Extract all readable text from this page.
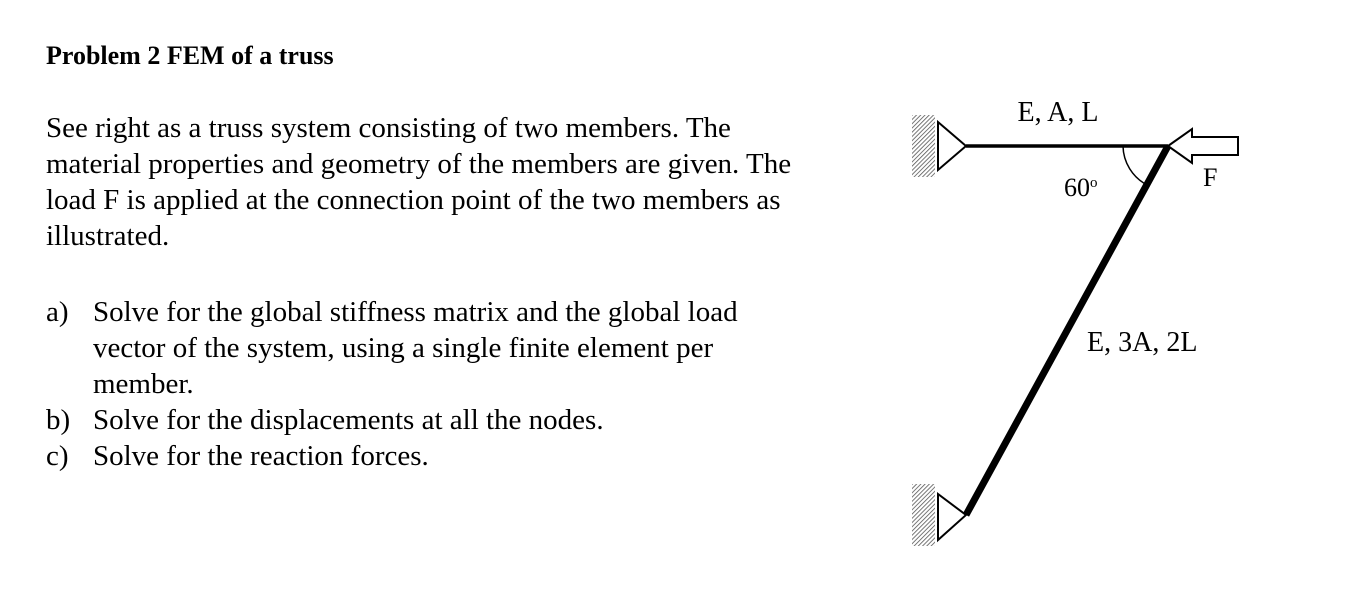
Problem 2 FEM of a truss
See right as a truss system consisting of two members. The
material properties and geometry of the members are given. The
load F is applied at the connection point of the two members as
illustrated.
a) Solve for the global stiffness matrix and the global load
vector of the system, using a single finite element per
member.
b) Solve for the displacements at all the nodes.
c) Solve for the reaction forces.
E, A, L
60$^o$	F
E, 3A, 2L
